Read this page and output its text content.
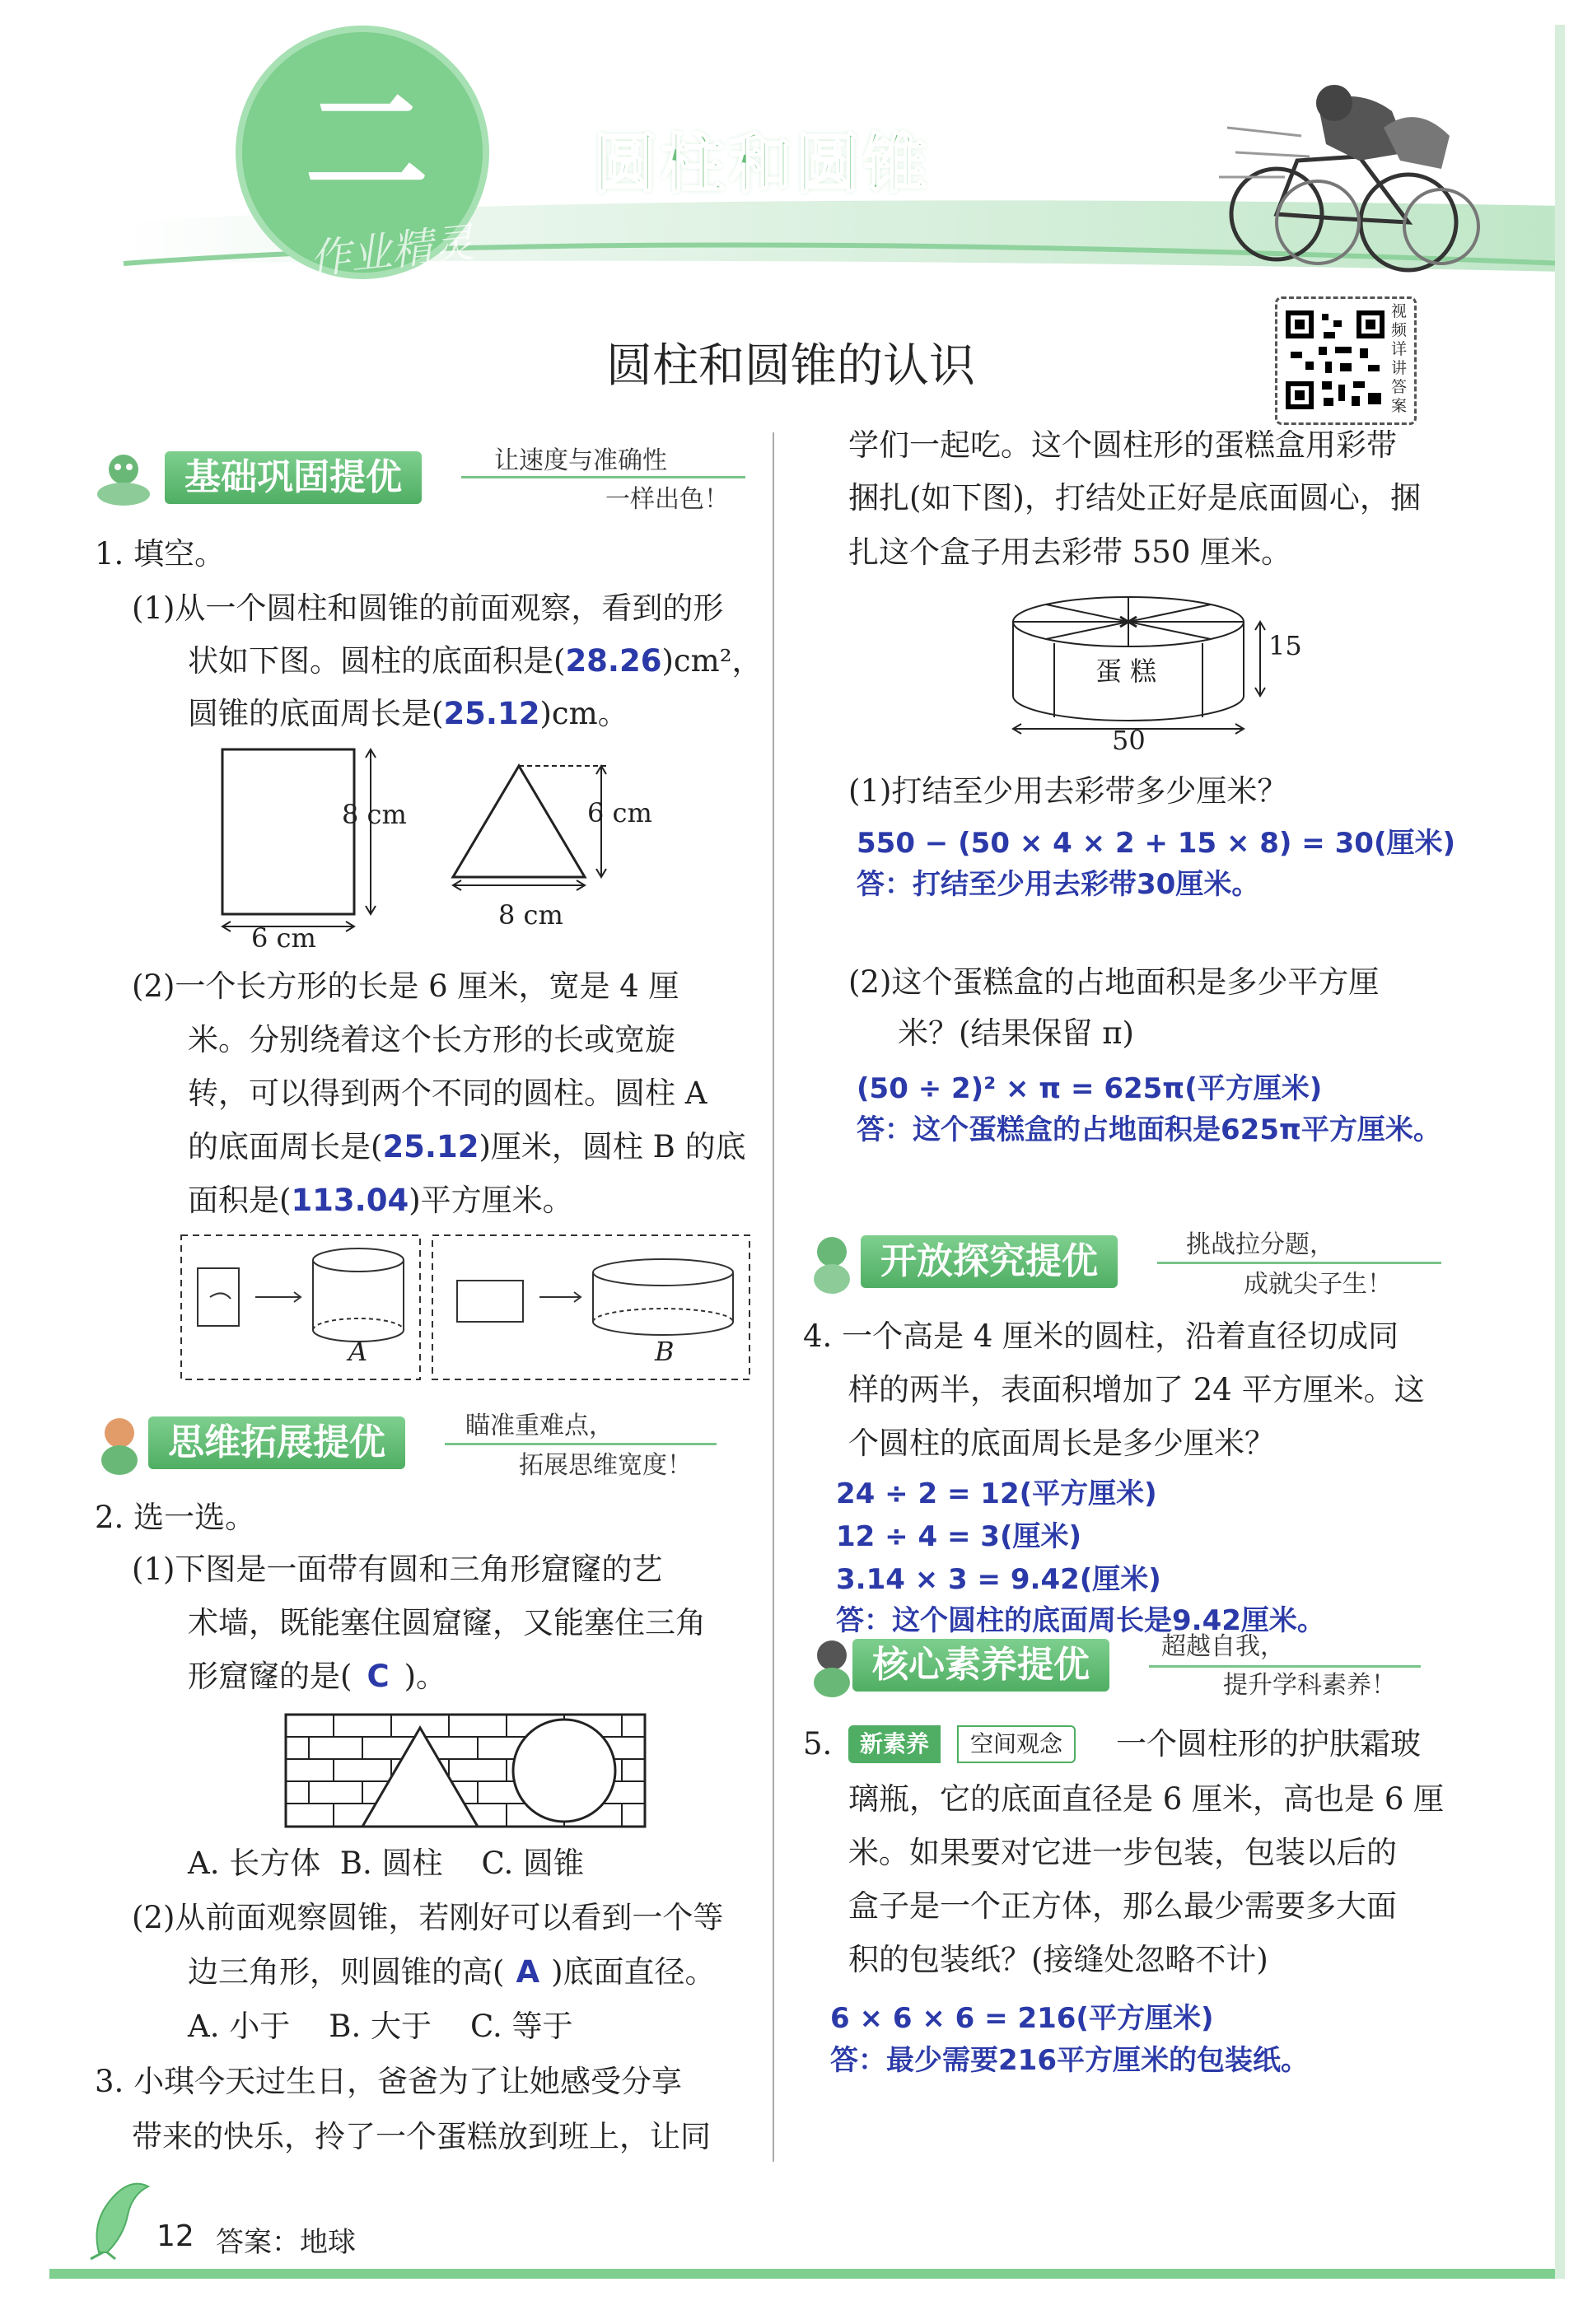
二
作业精灵
圆柱和圆锥
视频详讲答案
圆柱和圆锥的认识
基础巩固提优	让速度与准确性
一样出色！
1. 填空。
(1)从一个圆柱和圆锥的前面观察，看到的形
状如下图。圆柱的底面积是(28.26)cm²，
圆锥的底面周长是(25.12)cm。
8 cm
6 cm
6 cm
8 cm
(2)一个长方形的长是 6 厘米，宽是 4 厘
米。分别绕着这个长方形的长或宽旋
转，可以得到两个不同的圆柱。圆柱 A
的底面周长是(25.12)厘米，圆柱 B 的底
面积是(113.04)平方厘米。
A	B
思维拓展提优	瞄准重难点，
拓展思维宽度！
2. 选一选。
(1)下图是一面带有圆和三角形窟窿的艺
术墙，既能塞住圆窟窿，又能塞住三角
形窟窿的是( C )。
A. 长方体  B. 圆柱    C. 圆锥
(2)从前面观察圆锥，若刚好可以看到一个等
边三角形，则圆锥的高( A )底面直径。
A. 小于    B. 大于    C. 等于
3. 小琪今天过生日，爸爸为了让她感受分享
带来的快乐，拎了一个蛋糕放到班上，让同
学们一起吃。这个圆柱形的蛋糕盒用彩带
捆扎(如下图)，打结处正好是底面圆心，捆
扎这个盒子用去彩带 550 厘米。
蛋糕
15
50
(1)打结至少用去彩带多少厘米？
550 − (50 × 4 × 2 + 15 × 8) = 30(厘米)
答：打结至少用去彩带30厘米。
(2)这个蛋糕盒的占地面积是多少平方厘
米？(结果保留 π)
(50 ÷ 2)² × π = 625π(平方厘米)
答：这个蛋糕盒的占地面积是625π平方厘米。
开放探究提优	挑战拉分题，
成就尖子生！
4. 一个高是 4 厘米的圆柱，沿着直径切成同
样的两半，表面积增加了 24 平方厘米。这
个圆柱的底面周长是多少厘米？
24 ÷ 2 = 12(平方厘米)
12 ÷ 4 = 3(厘米)
3.14 × 3 = 9.42(厘米)
答：这个圆柱的底面周长是9.42厘米。
核心素养提优	超越自我，
提升学科素养！
5.	新素养	空间观念	一个圆柱形的护肤霜玻
璃瓶，它的底面直径是 6 厘米，高也是 6 厘
米。如果要对它进一步包装，包装以后的
盒子是一个正方体，那么最少需要多大面
积的包装纸？(接缝处忽略不计)
6 × 6 × 6 = 216(平方厘米)
答：最少需要216平方厘米的包装纸。
12 答案：地球
